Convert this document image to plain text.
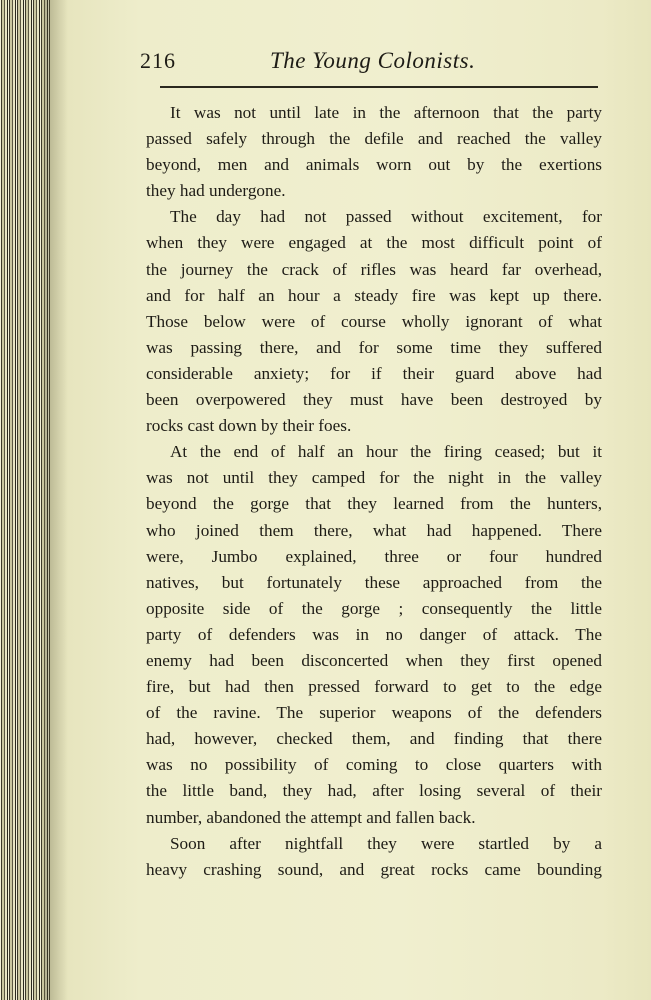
216	The Young Colonists.
It was not until late in the afternoon that the party
passed safely through the defile and reached the valley
beyond, men and animals worn out by the exertions
they had undergone.
The day had not passed without excitement, for
when they were engaged at the most difficult point of
the journey the crack of rifles was heard far overhead,
and for half an hour a steady fire was kept up there.
Those below were of course wholly ignorant of what
was passing there, and for some time they suffered
considerable anxiety; for if their guard above had
been overpowered they must have been destroyed by
rocks cast down by their foes.
At the end of half an hour the firing ceased; but it
was not until they camped for the night in the valley
beyond the gorge that they learned from the hunters,
who joined them there, what had happened. There
were, Jumbo explained, three or four hundred
natives, but fortunately these approached from the
opposite side of the gorge ; consequently the little
party of defenders was in no danger of attack. The
enemy had been disconcerted when they first opened
fire, but had then pressed forward to get to the edge
of the ravine. The superior weapons of the defenders
had, however, checked them, and finding that there
was no possibility of coming to close quarters with
the little band, they had, after losing several of their
number, abandoned the attempt and fallen back.
Soon after nightfall they were startled by a
heavy crashing sound, and great rocks came bounding
